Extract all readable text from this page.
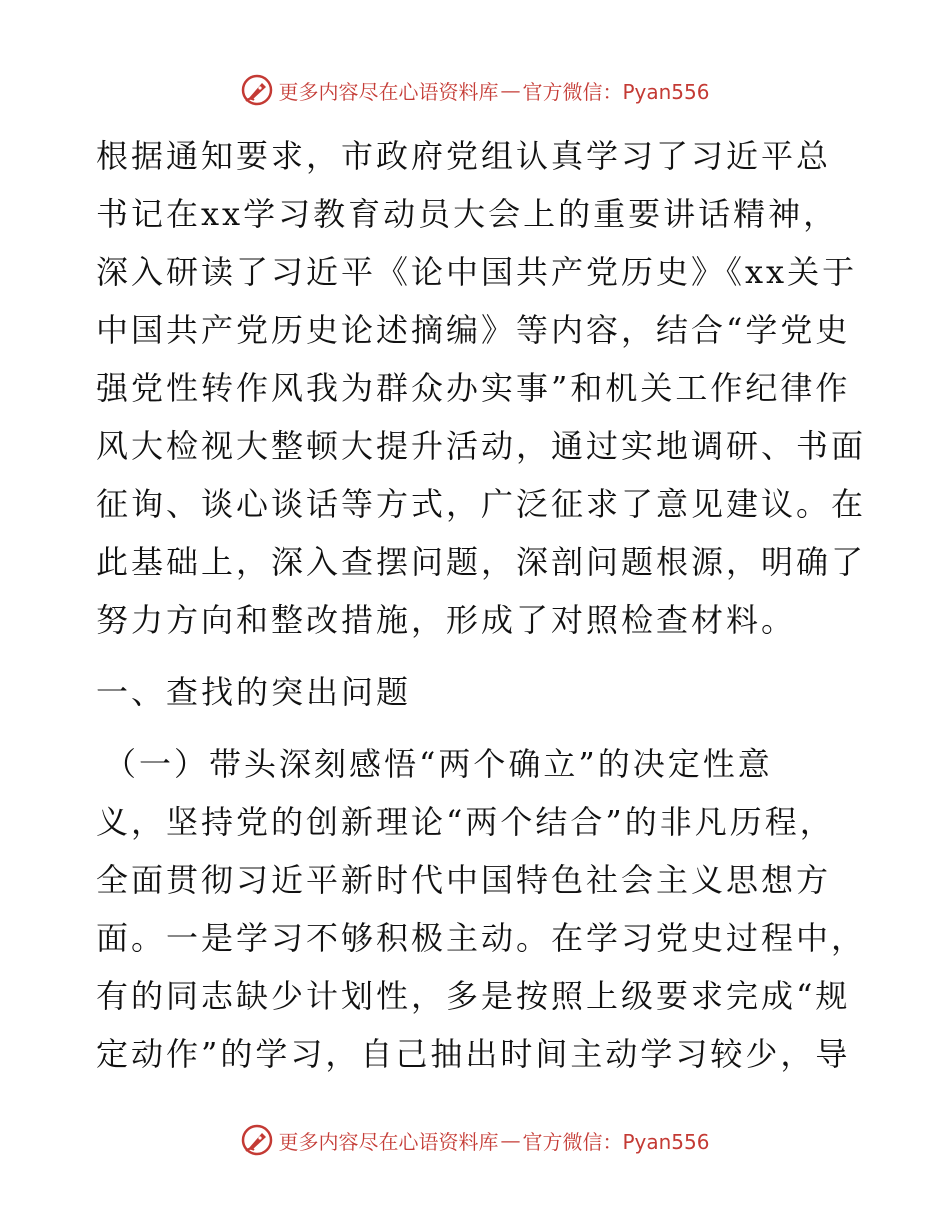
更多内容尽在心语资料库 — 官方微信：Pyan556
根据通知要求，市政府党组认真学习了习近平总
书记在xx学习教育动员大会上的重要讲话精神，
深入研读了习近平《论中国共产党历史》《xx关于
中国共产党历史论述摘编》等内容，结合“学党史
强党性转作风我为群众办实事”和机关工作纪律作
风大检视大整顿大提升活动，通过实地调研、书面
征询、谈心谈话等方式，广泛征求了意见建议。在
此基础上，深入查摆问题，深剖问题根源，明确了
努力方向和整改措施，形成了对照检查材料。
一、查找的突出问题
（一）带头深刻感悟“两个确立”的决定性意
义，坚持党的创新理论“两个结合”的非凡历程，
全面贯彻习近平新时代中国特色社会主义思想方
面。一是学习不够积极主动。在学习党史过程中，
有的同志缺少计划性，多是按照上级要求完成“规
定动作”的学习，自己抽出时间主动学习较少，导
更多内容尽在心语资料库 — 官方微信：Pyan556
